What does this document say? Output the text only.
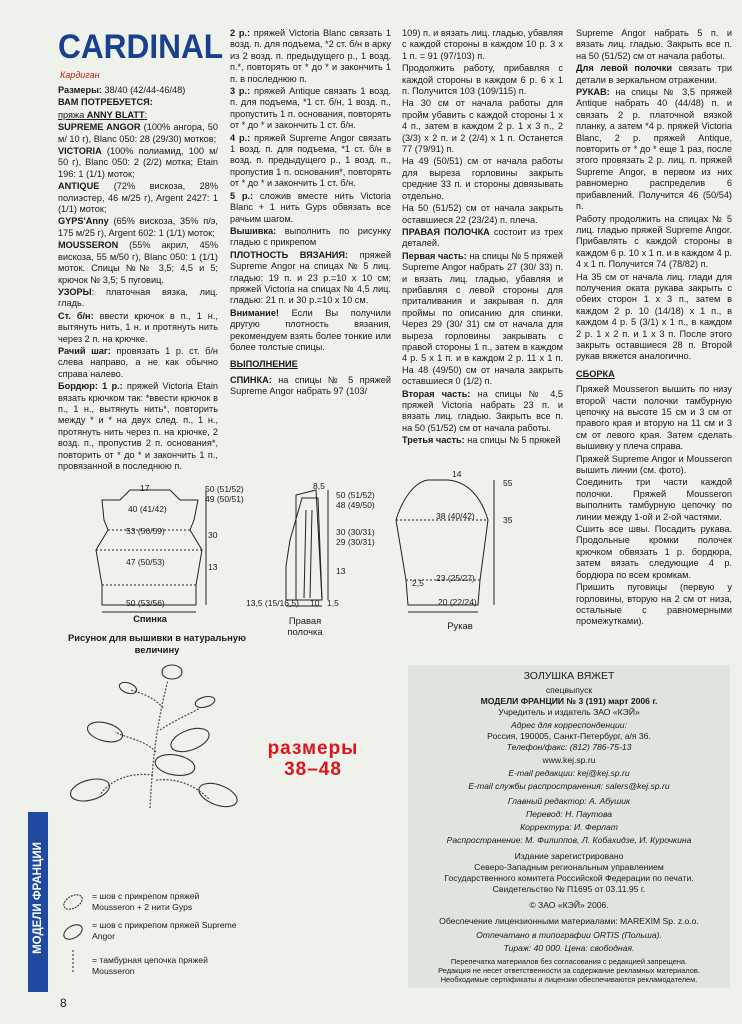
CARDINAL
Кардиган

Размеры: 38/40 (42/44-46/48)

ВАМ ПОТРЕБУЕТСЯ:

пряжа ANNY BLATT:

SUPREME ANGOR (100% ангора, 50 м/ 10 г), Blanc 050: 28 (29/30) мотков;

VICTORIA (100% полиамид, 100 м/ 50 г), Blanc 050: 2 (2/2) мотка; Etain 196: 1 (1/1) моток;

ANTIQUE (72% вискоза, 28% полиэстер, 46 м/25 г), Argent 2427: 1 (1/1) моток;

GYPS'Anny (65% вискоза, 35% п/э, 175 м/25 г), Argent 602: 1 (1/1) моток;

MOUSSERON (55% акрил, 45% вискоза, 55 м/50 г), Blanc 050: 1 (1/1) моток. Спицы №№ 3,5; 4,5 и 5; крючок № 3,5; 5 пуговиц.

УЗОРЫ: платочная вязка, лиц. гладь.

Ст. б/н: ввести крючок в п., 1 н., вытянуть нить, 1 н. и протянуть нить через 2 п. на крючке.

Рачий шаг: провязать 1 р. ст. б/н слева направо, а не как обычно справа налево.

Бордюр: 1 р.: пряжей Victoria Etain вязать крючком так: *ввести крючок в п., 1 н., вытянуть нить*, повторить между * и * на двух след. п., 1 н., протянуть нить через п. на крючке, 2 возд. п., пропустив 2 п. основания*, повторить от * до * и закончить 1 п., провязанной в последнюю п.

2 р.: пряжей Victoria Blanc связать 1 возд. п. для подъема, *2 ст. б/н в арку из 2 возд. п. предыдущего р., 1 возд. п.*, повторять от * до * и закончить 1 п. в последнюю п.

3 р.: пряжей Antique связать 1 возд. п. для подъема, *1 ст. б/н, 1 возд. п., пропустить 1 п. основания, повторять от * до * и закончить 1 ст. б/н.

4 р.: пряжей Supreme Angor связать 1 возд. п. для подъема, *1 ст. б/н в возд. п. предыдущего р., 1 возд. п., пропустив 1 п. основания*, повторять от * до * и закончить 1 ст. б/н.

5 р.: сложив вместе нить Victoria Blanc + 1 нить Gyps обвязать все рачьим шагом.

Вышивка: выполнить по рисунку гладью с прикрепом

ПЛОТНОСТЬ ВЯЗАНИЯ: пряжей Supreme Angor на спицах № 5 лиц. гладью: 19 п. и 23 р.=10 х 10 см; пряжей Victoria на спицах № 4,5 лиц. гладью: 21 п. и 30 р.=10 х 10 см.

Внимание! Если Вы получили другую плотность вязания, рекомендуем взять более тонкие или более толстые спицы.

ВЫПОЛНЕНИЕ

СПИНКА: на спицы № 5 пряжей Supreme Angor набрать 97 (103/

109) п. и вязать лиц. гладью, убавляя с каждой стороны в каждом 10 р. 3 х 1 п. = 91 (97/103) п.

Продолжить работу, прибавляя с каждой стороны в каждом 6 р. 6 х 1 п. Получится 103 (109/115) п.

На 30 см от начала работы для пройм убавить с каждой стороны 1 х 4 п., затем в каждом 2 р. 1 х 3 п., 2 (3/3) х 2 п. и 2 (2/4) х 1 п. Останется 77 (79/91) п.

На 49 (50/51) см от начала работы для выреза горловины закрыть средние 33 п. и стороны довязывать отдельно.

На 50 (51/52) см от начала закрыть оставшиеся 22 (23/24) п. плеча.

ПРАВАЯ ПОЛОЧКА состоит из трех деталей.

Первая часть: на спицы № 5 пряжей Supreme Angor набрать 27 (30/ 33) п. и вязать лиц. гладью, убавляя и прибавляя с левой стороны для приталивания и закрывая п. для проймы по описанию для спинки. Через 29 (30/ 31) см от начала для выреза горловины закрывать с правой стороны 1 п., затем в каждом 4 р. 5 х 1 п. и в каждом 2 р. 11 х 1 п. На 48 (49/50) см от начала закрыть оставшиеся 0 (1/2) п.

Вторая часть: на спицы № 4,5 пряжей Victoria набрать 23 п. и вязать лиц. гладью. Закрыть все п. на 50 (51/52) см от начала работы.

Третья часть: на спицы № 5 пряжей

Supreme Angor набрать 5 п. и вязать лиц. гладью. Закрыть все п. на 50 (51/52) см от начала работы.

Для левой полочки связать три детали в зеркальном отражении.

РУКАВ: на спицы № 3,5 пряжей Antique набрать 40 (44/48) п. и связать 2 р. платочной вязкой планку, а затем *4 р. пряжей Victoria Blanc, 2 р. пряжей Antique, повторить от * до * еще 1 раз, после этого провязать 2 р. лиц. п. пряжей Supreme Angor, в первом из них равномерно распределив 6 прибавлений. Получится 46 (50/54) п.

Работу продолжить на спицах № 5 лиц. гладью пряжей Supreme Angor. Прибавлять с каждой стороны в каждом 6 р. 10 х 1 п. и в каждом 4 р. 4 х 1 п. Получится 74 (78/82) п.

На 35 см от начала лиц. глади для получения оката рукава закрыть с обеих сторон 1 х 3 п., затем в каждом 2 р. 10 (14/18) х 1 п., в каждом 4 р. 5 (3/1) х 1 п., в каждом 2 р. 1 х 2 п. и 1 х 3 п. После этого закрыть оставшиеся 28 п. Второй рукав вяжется аналогично.

СБОРКА

Пряжей Mousseron вышить по низу второй части полочки тамбурную цепочку на высоте 15 см и 3 см от правого края и вторую на 11 см и 3 см от левого края. Затем сделать вышивку у плеча справа.

Пряжей Supreme Angor и Mousseron вышить линии (см. фото).

Соединить три части каждой полочки. Пряжей Mousseron выполнить тамбурную цепочку по линии между 1-ой и 2-ой частями.

Сшить все швы. Посадить рукава. Продольные кромки полочек крючком обвязать 1 р. бордюра, затем вязать следующие 4 р. бордюра по всем кромкам.

Пришить пуговицы (первую у горловины, вторую на 2 см от низа, остальные с равномерными промежутками).

17
40 (41/42)
53 (56/59)
47 (50/53)
50 (53/56)
50 (51/52)
49 (50/51)
30
13
Спинка
8,5
50 (51/52)
48 (49/50)
30 (30/31)
29 (30/31)
13
13,5 (15/16,5) 10 1,5
Правая
полочка
14
38 (40/42)
23 (25/27)
20 (22/24)
55
35
2,5
Рукав
Рисунок для вышивки в натуральную величину
размеры
38–48
= шов с прикрепом пряжей Mousseron + 2 нити Gyps
= шов с прикрепом пряжей Supreme Angor
= тамбурная цепочка пряжей Mousseron
МОДЕЛИ ФРАНЦИИ
8
ЗОЛУШКА ВЯЖЕТ
спецвыпуск
МОДЕЛИ ФРАНЦИИ № 3 (191) март 2006 г.
Учредитель и издатель ЗАО «КЭЙ»
Адрес для корреспонденции:
Россия, 190005, Санкт-Петербург, а/я 36.
Телефон/факс: (812) 786-75-13
www.kej.sp.ru
E-mail редакции: kej@kej.sp.ru
E-mail службы распространения: salers@kej.sp.ru
Главный редактор: А. Абушик
Перевод: Н. Паутова
Корректура: И. Ферлат
Распространение: М. Филиппов, Л. Кобахидзе, И. Курочкина
Издание зарегистрировано
Северо-Западным региональным управлением
Государственного комитета Российской Федерации по печати.
Свидетельство № П1695 от 03.11.95 г.
© ЗАО «КЭЙ» 2006.
Обеспечение лицензионными материалами: MAREXIM Sp. z.o.o.
Отпечатано в типографии ORTIS (Польша).
Тираж: 40 000. Цена: свободная.
Перепечатка материалов без согласования с редакцией запрещена.
Редакция не несет ответственности за содержание рекламных материалов.
Необходимые сертификаты и лицензии обеспечиваются рекламодателем.
